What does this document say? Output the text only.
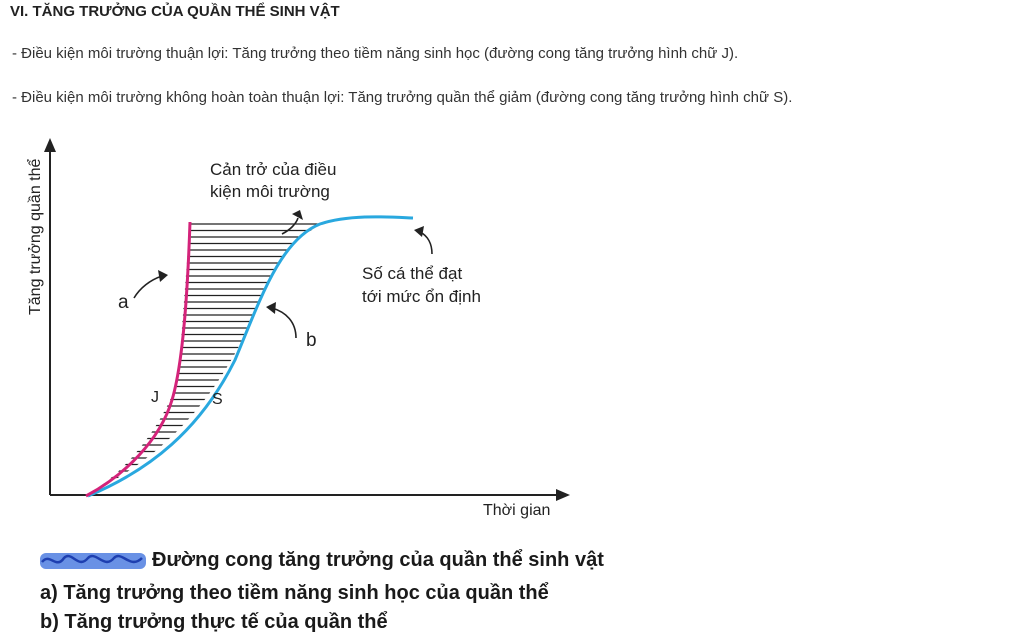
VI. TĂNG TRƯỞNG CỦA QUẦN THỂ SINH VẬT
- Điều kiện môi trường thuận lợi: Tăng trưởng theo tiềm năng sinh học (đường cong tăng trưởng hình chữ J).
- Điều kiện môi trường không hoàn toàn thuận lợi: Tăng trưởng quần thể giảm (đường cong tăng trưởng hình chữ S).
Tăng trưởng quần thể
Thời gian
Cản trở của điều
kiện môi trường
Số cá thể đạt
tới mức ổn định
a
b
J	S
Đường cong tăng trưởng của quần thể sinh vật
a) Tăng trưởng theo tiềm năng sinh học của quần thể
b) Tăng trưởng thực tế của quần thể
